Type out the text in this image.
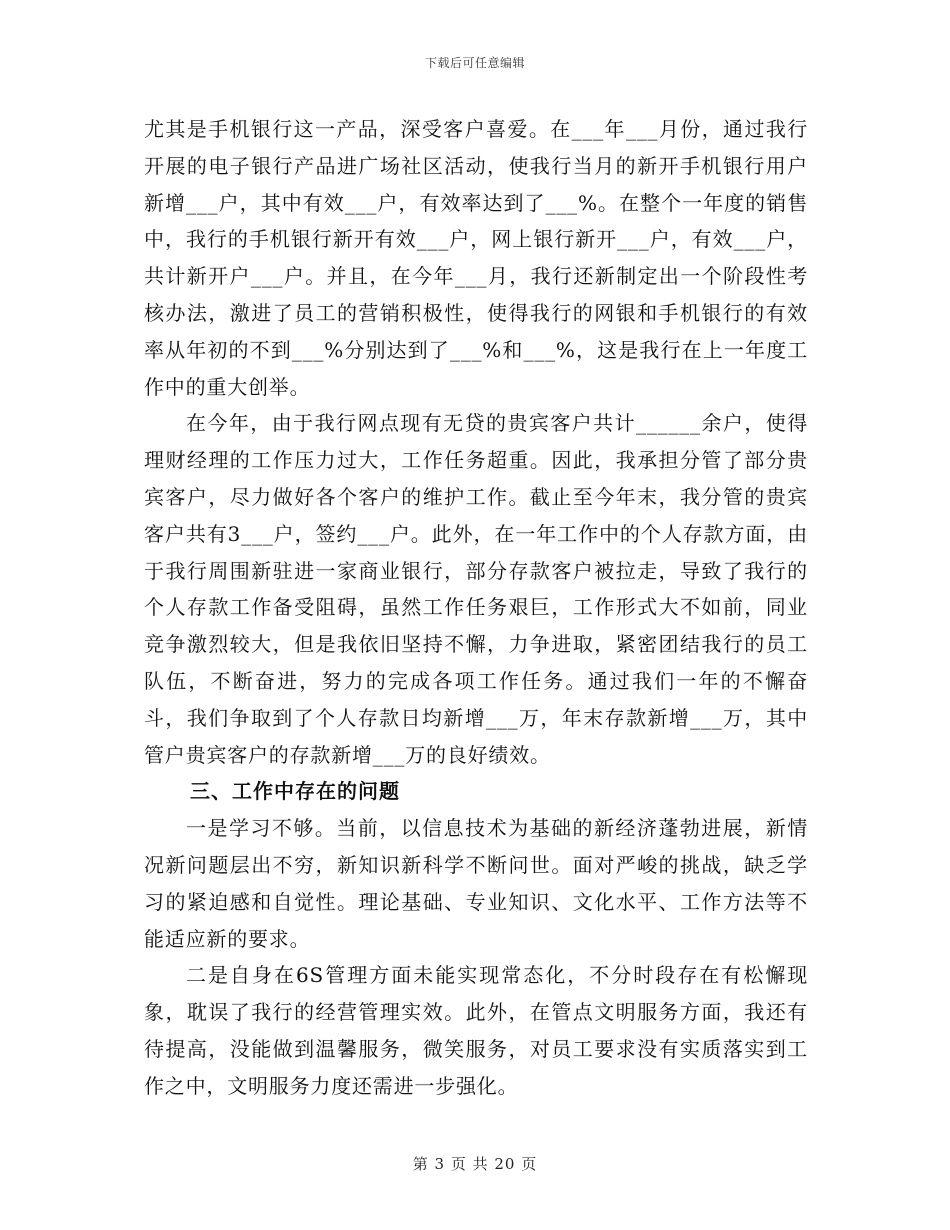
下载后可任意编辑

尤其是手机银行这一产品，深受客户喜爱。在___年___月份，通过我行开展的电子银行产品进广场社区活动，使我行当月的新开手机银行用户新增___户，其中有效___户，有效率达到了___%。在整个一年度的销售中，我行的手机银行新开有效___户，网上银行新开___户，有效___户，共计新开户___户。并且，在今年___月，我行还新制定出一个阶段性考核办法，激进了员工的营销积极性，使得我行的网银和手机银行的有效率从年初的不到___%分别达到了___%和___%，这是我行在上一年度工作中的重大创举。

在今年，由于我行网点现有无贷的贵宾客户共计______余户，使得理财经理的工作压力过大，工作任务超重。因此，我承担分管了部分贵宾客户，尽力做好各个客户的维护工作。截止至今年末，我分管的贵宾客户共有3___户，签约___户。此外，在一年工作中的个人存款方面，由于我行周围新驻进一家商业银行，部分存款客户被拉走，导致了我行的个人存款工作备受阻碍，虽然工作任务艰巨，工作形式大不如前，同业竞争激烈较大，但是我依旧坚持不懈，力争进取，紧密团结我行的员工队伍，不断奋进，努力的完成各项工作任务。通过我们一年的不懈奋斗，我们争取到了个人存款日均新增___万，年末存款新增___万，其中管户贵宾客户的存款新增___万的良好绩效。

三、工作中存在的问题

一是学习不够。当前，以信息技术为基础的新经济蓬勃进展，新情况新问题层出不穷，新知识新科学不断问世。面对严峻的挑战，缺乏学习的紧迫感和自觉性。理论基础、专业知识、文化水平、工作方法等不能适应新的要求。

二是自身在6S管理方面未能实现常态化，不分时段存在有松懈现象，耽误了我行的经营管理实效。此外，在管点文明服务方面，我还有待提高，没能做到温馨服务，微笑服务，对员工要求没有实质落实到工作之中，文明服务力度还需进一步强化。

第 3 页 共 20 页
